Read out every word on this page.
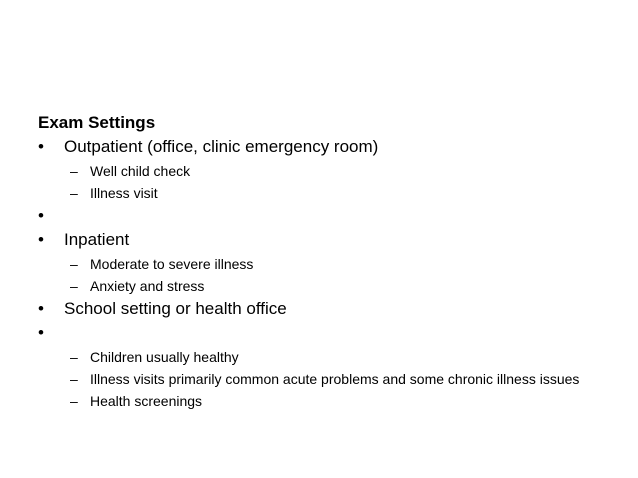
Exam Settings
•	Outpatient (office, clinic emergency room)
– Well child check
– Illness visit
•
•	Inpatient
– Moderate to severe illness
– Anxiety and stress
•	School setting or health office
•
– Children usually healthy
– Illness visits primarily common acute problems and some chronic illness issues
– Health screenings
